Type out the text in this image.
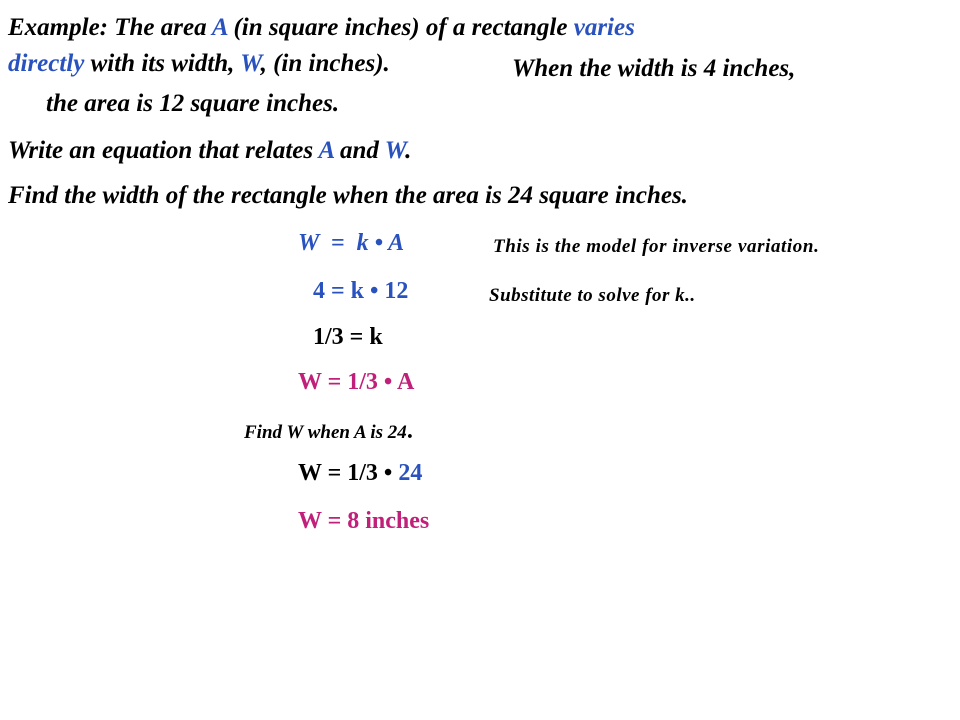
Example: The area A (in square inches) of a rectangle varies
directly with its width, W, (in inches).	When the width is 4 inches,
the area is 12 square inches.
Write an equation that relates A and W.
Find the width of the rectangle when the area is 24 square inches.
W  =  k • A	This is the model for inverse variation.
4 = k • 12	Substitute to solve for k..
1/3 = k
W = 1/3 • A
Find W when A is 24.
W = 1/3 • 24
W = 8 inches
